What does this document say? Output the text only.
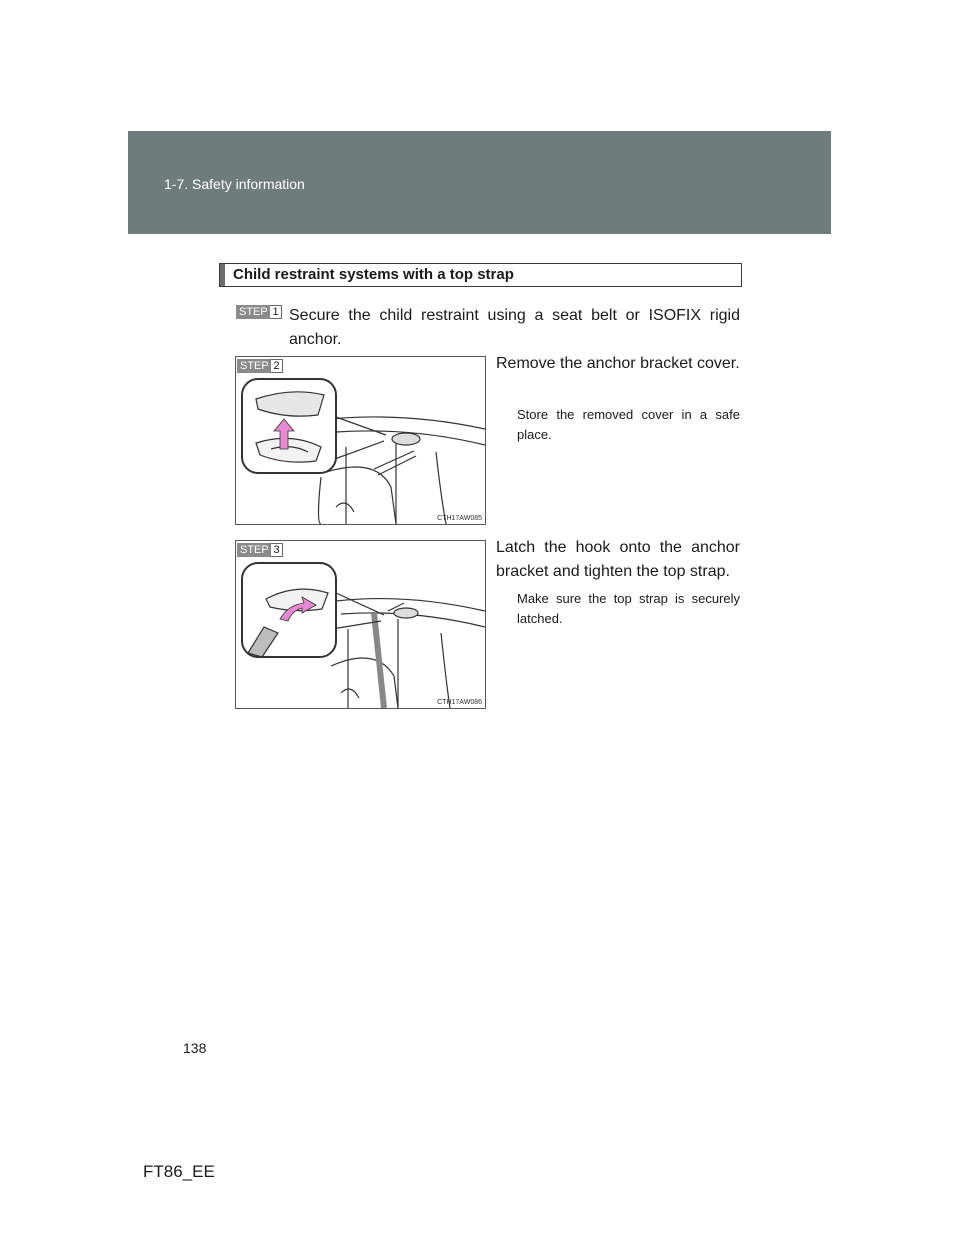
1-7. Safety information
Child restraint systems with a top strap
STEP 1 Secure the child restraint using a seat belt or ISOFIX rigid anchor.
STEP 2
CTH17AW085
Remove the anchor bracket cover.
Store the removed cover in a safe place.
STEP 3
CTH17AW086
Latch the hook onto the anchor bracket and tighten the top strap.
Make sure the top strap is securely latched.
138
FT86_EE
